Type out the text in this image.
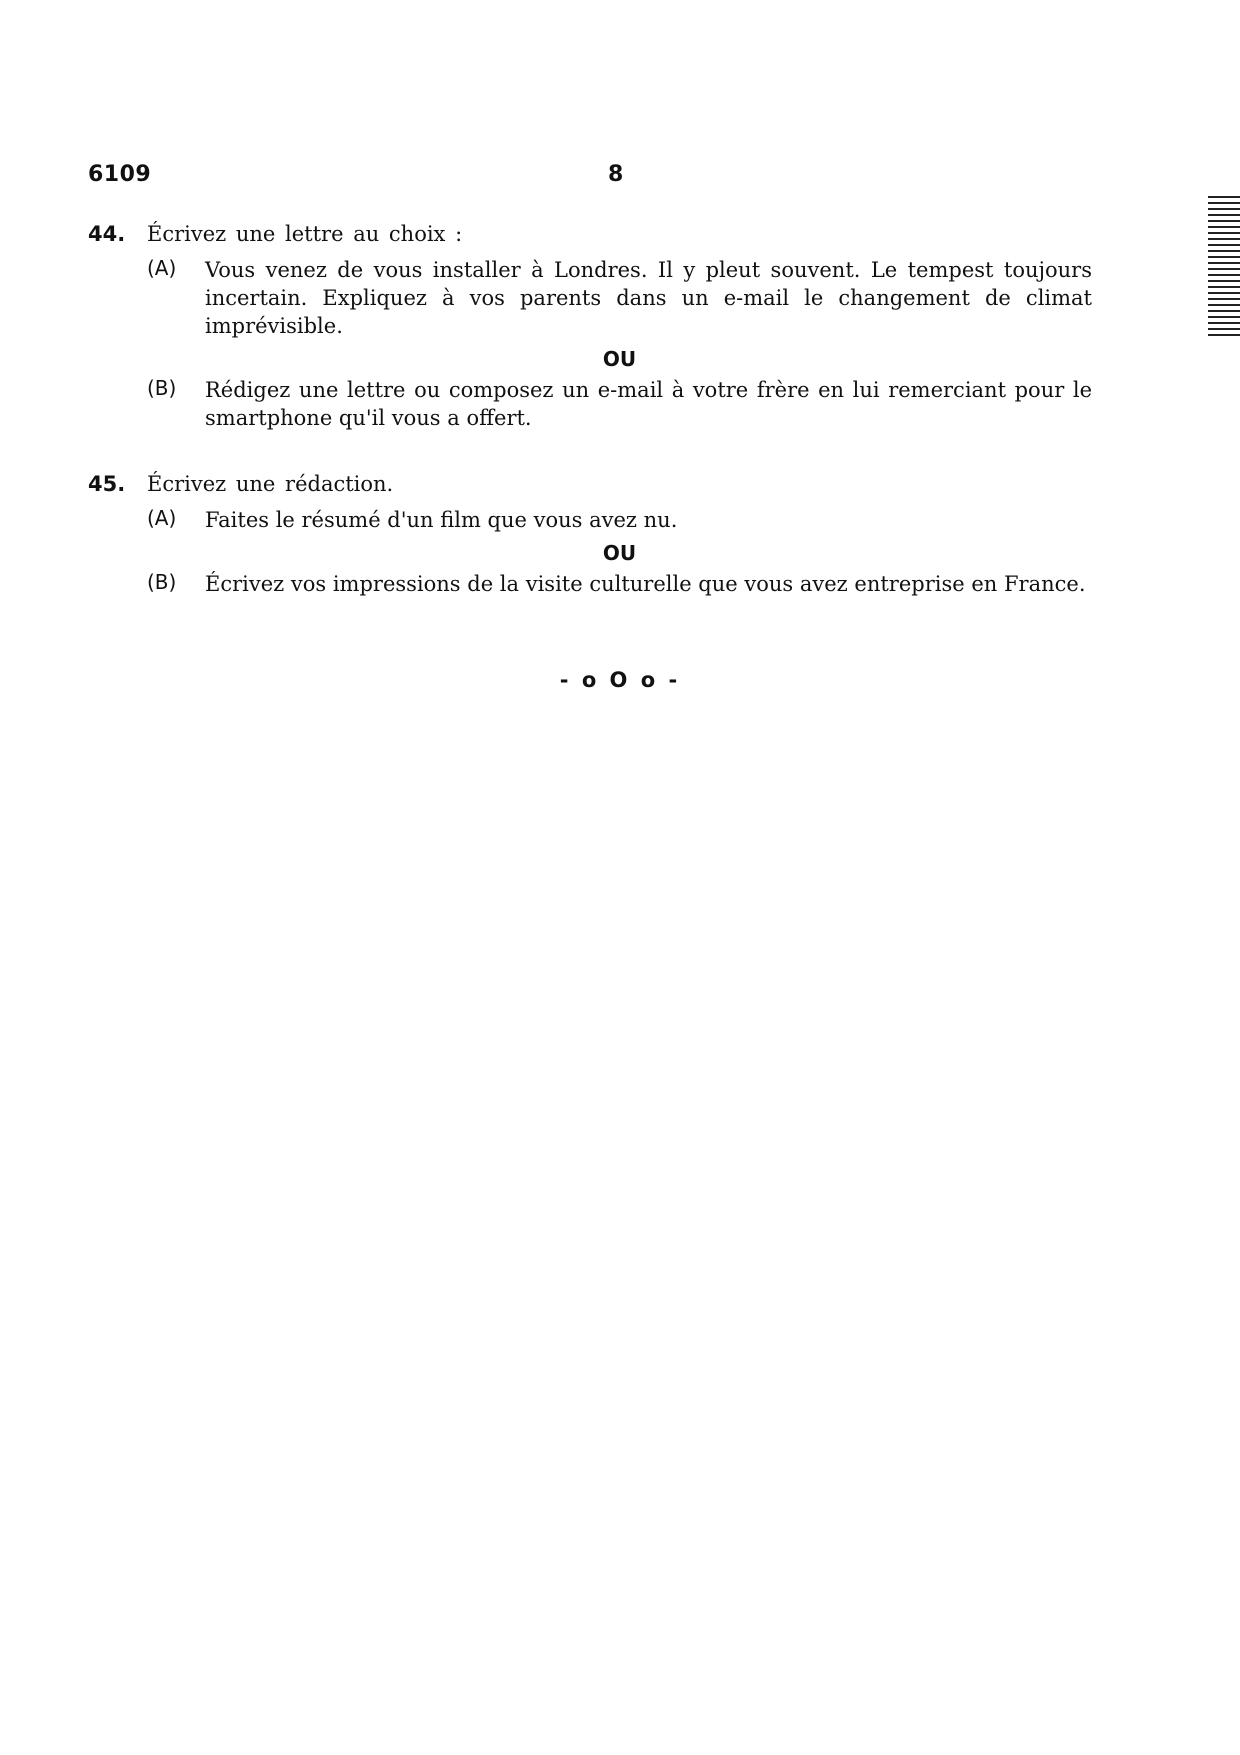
6109	8
44. Écrivez une lettre au choix :
(A) Vous venez de vous installer à Londres. Il y pleut souvent. Le tempest toujours incertain. Expliquez à vos parents dans un e-mail le changement de climat imprévisible.
OU
(B) Rédigez une lettre ou composez un e-mail à votre frère en lui remerciant pour le smartphone qu'il vous a offert.
45. Écrivez une rédaction.
(A) Faites le résumé d'un film que vous avez nu.
OU
(B) Écrivez vos impressions de la visite culturelle que vous avez entreprise en France.
- o O o -
